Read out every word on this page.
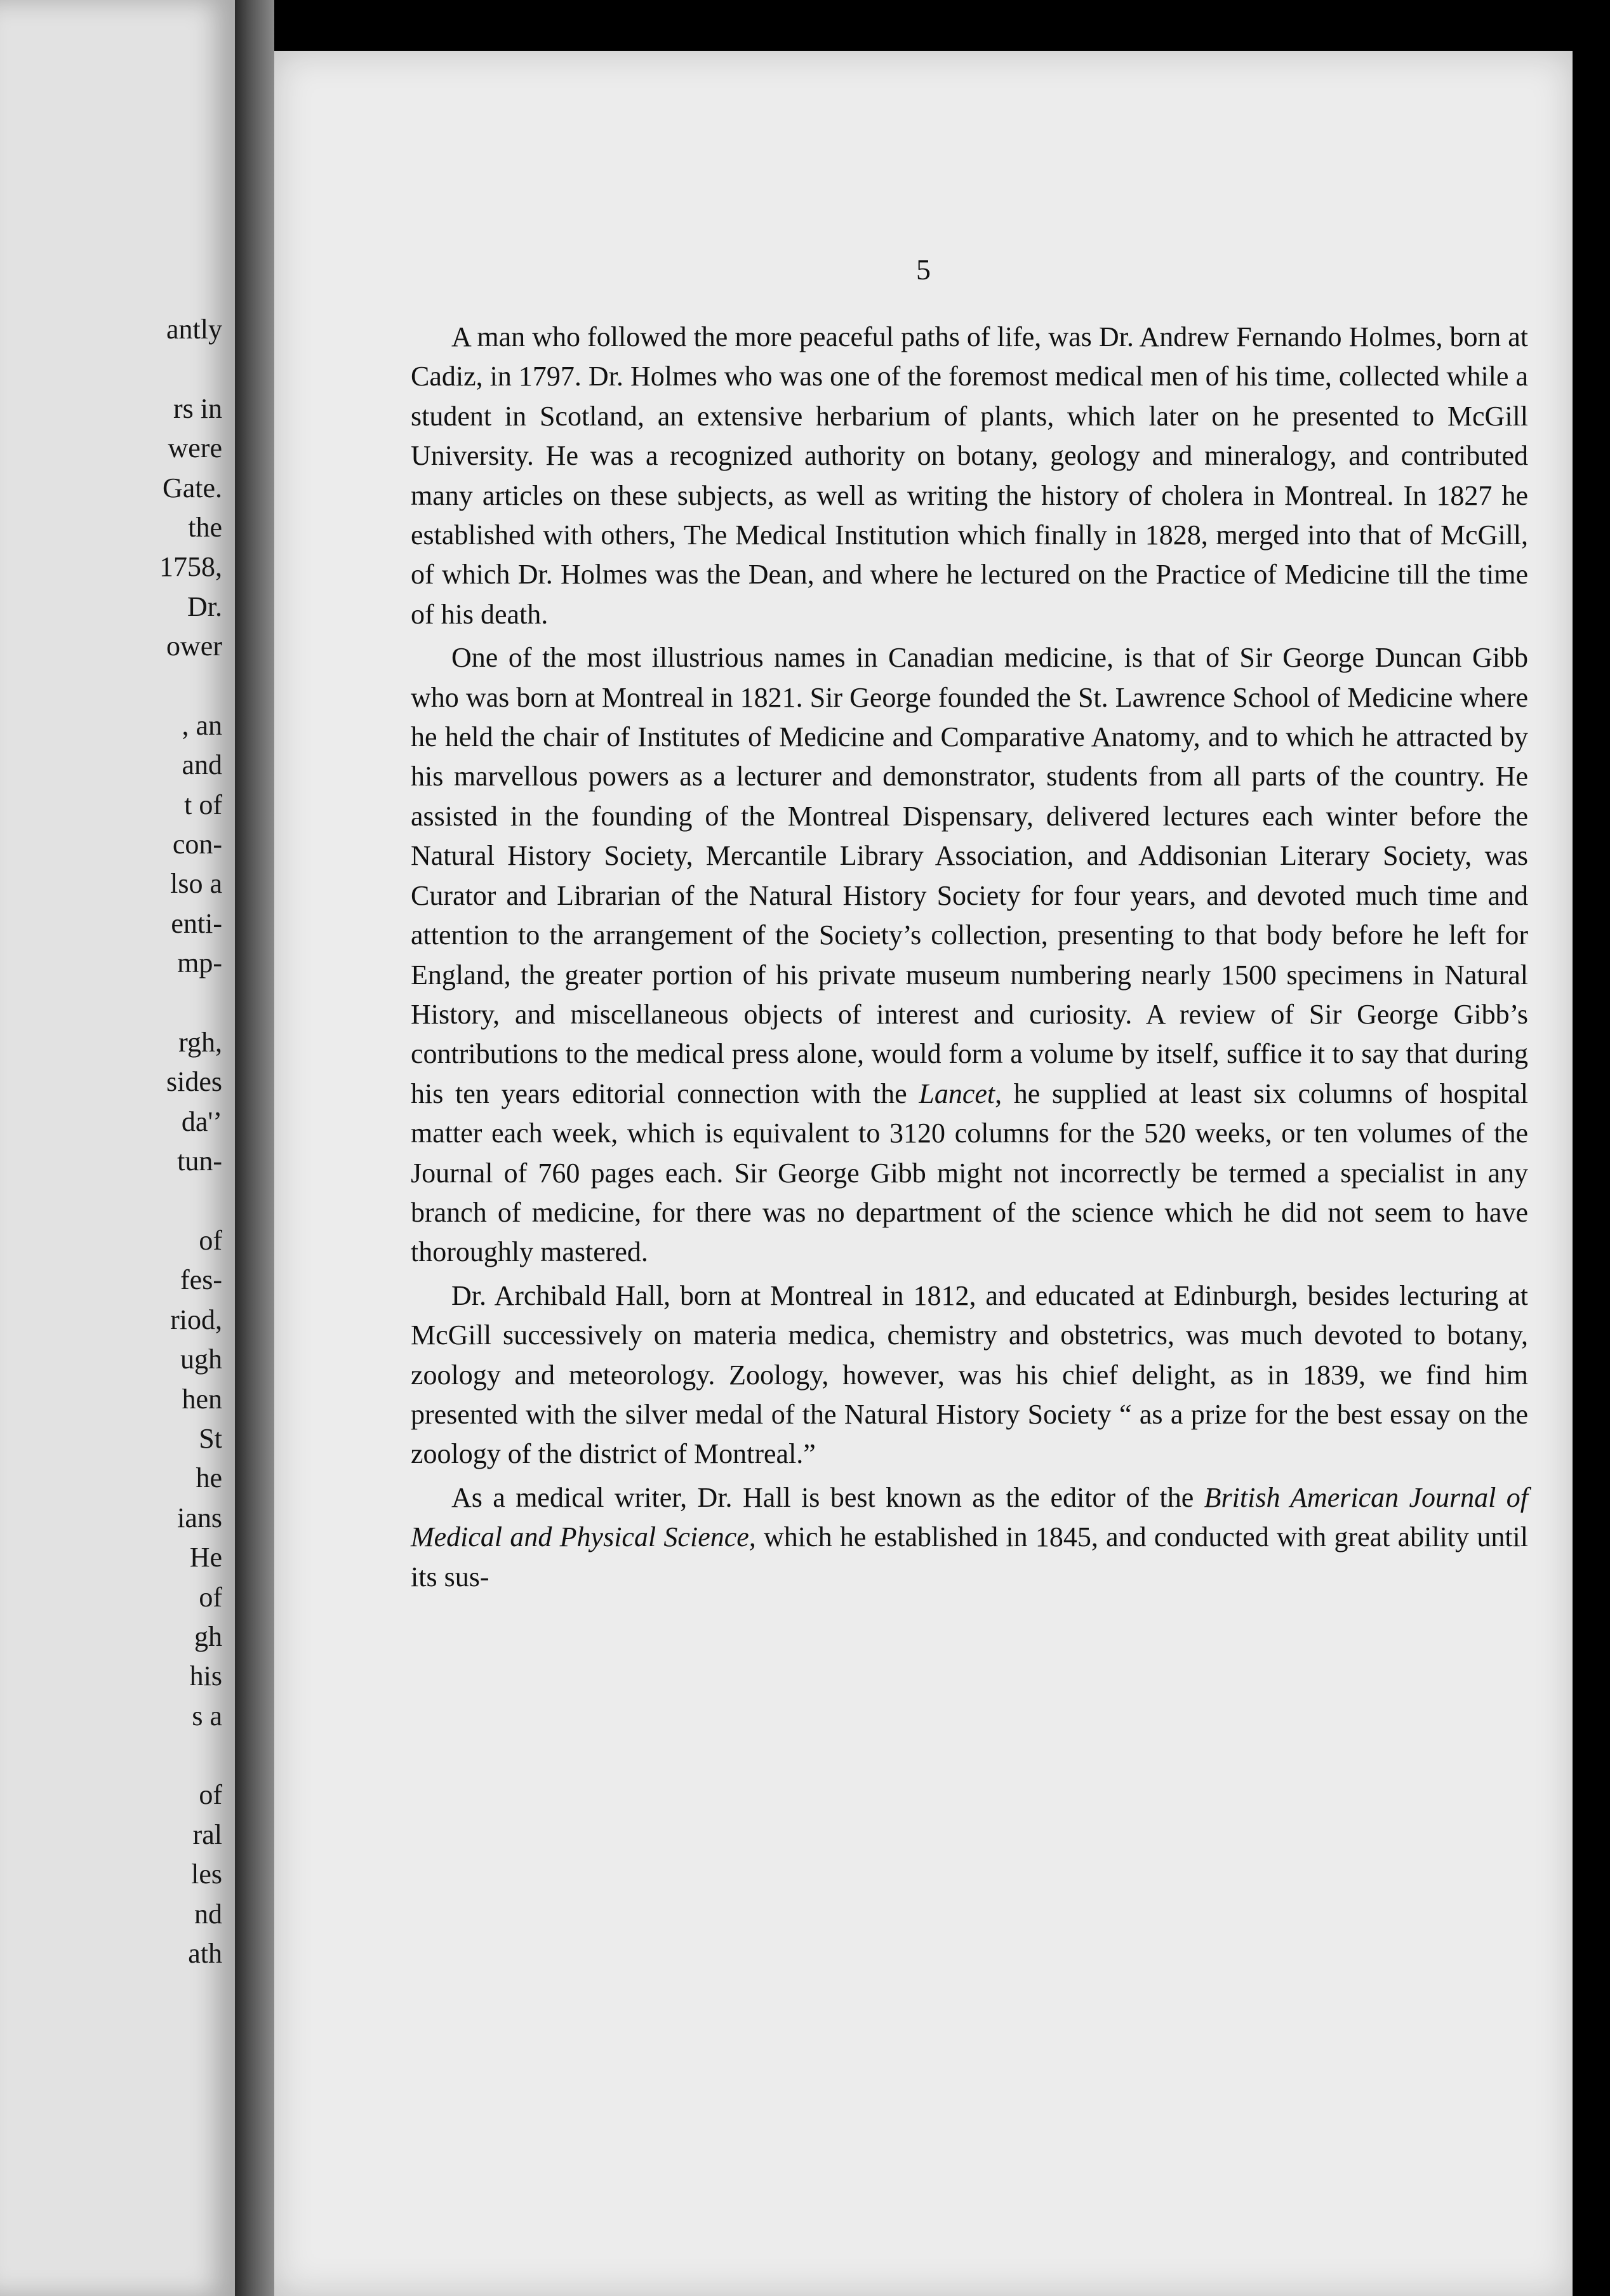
antly
rs in
were
Gate.
the
1758,
Dr.
ower
, an
and
t of
con-
lso a
enti-
mp-
rgh,
sides
da'’
tun-
of
fes-
riod,
ugh
hen
St
he
ians
He
of
gh
his
s a
of
ral
les
nd
ath
5

A man who followed the more peaceful paths of life, was Dr. Andrew Fernando Holmes, born at Cadiz, in 1797. Dr. Holmes who was one of the foremost medical men of his time, collected while a student in Scotland, an extensive herbarium of plants, which later on he presented to McGill University. He was a recognized authority on botany, geology and mineralogy, and contributed many articles on these subjects, as well as writing the history of cholera in Montreal. In 1827 he established with others, The Medical Institution which finally in 1828, merged into that of McGill, of which Dr. Holmes was the Dean, and where he lectured on the Practice of Medicine till the time of his death.

One of the most illustrious names in Canadian medicine, is that of Sir George Duncan Gibb who was born at Montreal in 1821. Sir George founded the St. Lawrence School of Medicine where he held the chair of Institutes of Medicine and Comparative Anatomy, and to which he attracted by his marvellous powers as a lecturer and demonstrator, students from all parts of the country. He assisted in the founding of the Montreal Dispensary, delivered lectures each winter before the Natural History Society, Mercantile Library Association, and Addisonian Literary Society, was Curator and Librarian of the Natural History Society for four years, and devoted much time and attention to the arrangement of the Society’s collection, presenting to that body before he left for England, the greater portion of his private museum numbering nearly 1500 specimens in Natural History, and miscellaneous objects of interest and curiosity. A review of Sir George Gibb’s contributions to the medical press alone, would form a volume by itself, suffice it to say that during his ten years editorial connection with the Lancet, he supplied at least six columns of hospital matter each week, which is equivalent to 3120 columns for the 520 weeks, or ten volumes of the Journal of 760 pages each. Sir George Gibb might not incorrectly be termed a specialist in any branch of medicine, for there was no department of the science which he did not seem to have thoroughly mastered.

Dr. Archibald Hall, born at Montreal in 1812, and educated at Edinburgh, besides lecturing at McGill successively on materia medica, chemistry and obstetrics, was much devoted to botany, zoology and meteorology. Zoology, however, was his chief delight, as in 1839, we find him presented with the silver medal of the Natural History Society “ as a prize for the best essay on the zoology of the district of Montreal.”

As a medical writer, Dr. Hall is best known as the editor of the British American Journal of Medical and Physical Science, which he established in 1845, and conducted with great ability until its sus-
